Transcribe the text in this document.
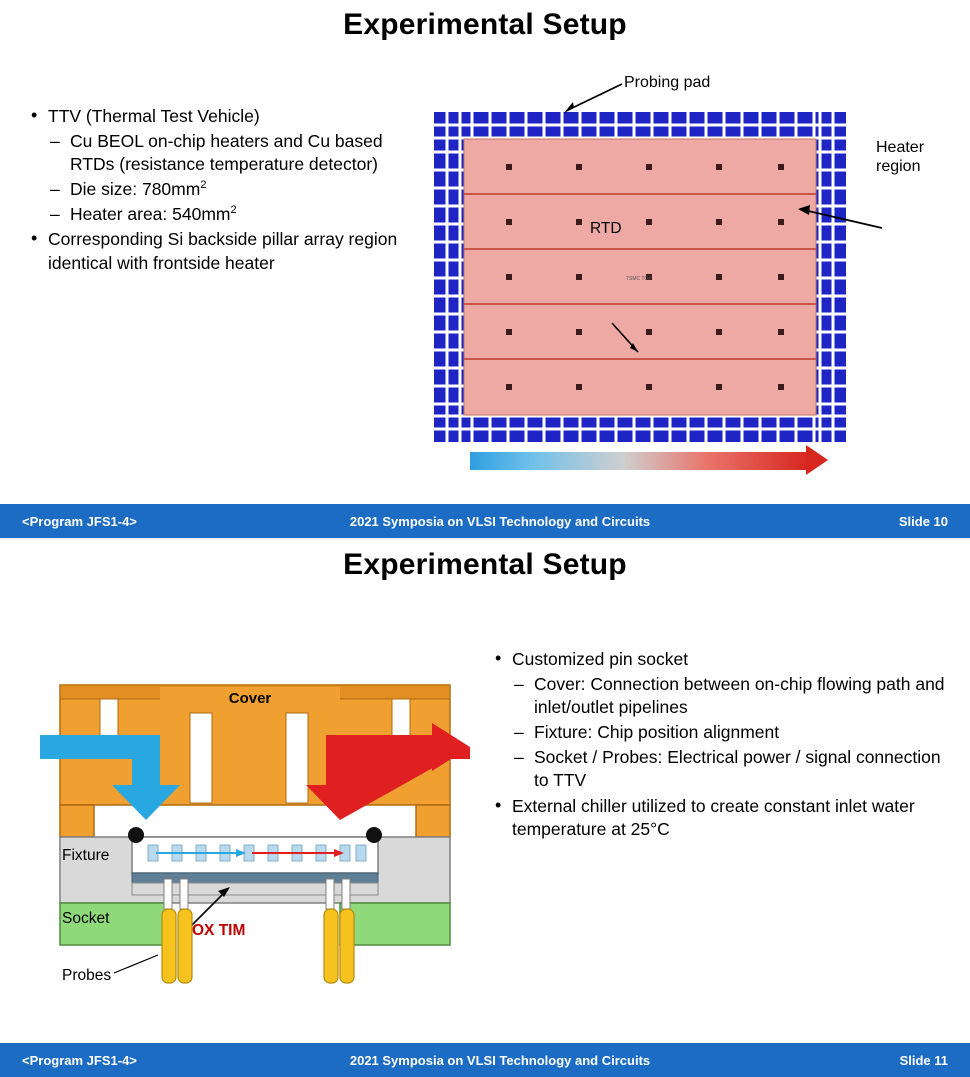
Experimental Setup
• TTV (Thermal Test Vehicle)
– Cu BEOL on-chip heaters and Cu based RTDs (resistance temperature detector)
– Die size: $780mm^2$
– Heater area: $540mm^2$
• Corresponding Si backside pillar array region identical with frontside heater
TSMC TOP
RTD
Probing pad
Heater
region
<Program JFS1-4>	2021 Symposia on VLSI Technology and Circuits	Slide 10
Experimental Setup
• Customized pin socket
– Cover: Connection between on-chip flowing path and inlet/outlet pipelines
– Fixture: Chip position alignment
– Socket / Probes: Electrical power / signal connection to TTV
• External chiller utilized to create constant inlet water temperature at 25°C
Cover
Fixture
Socket
Probes
OX TIM
<Program JFS1-4>	2021 Symposia on VLSI Technology and Circuits	Slide 11
